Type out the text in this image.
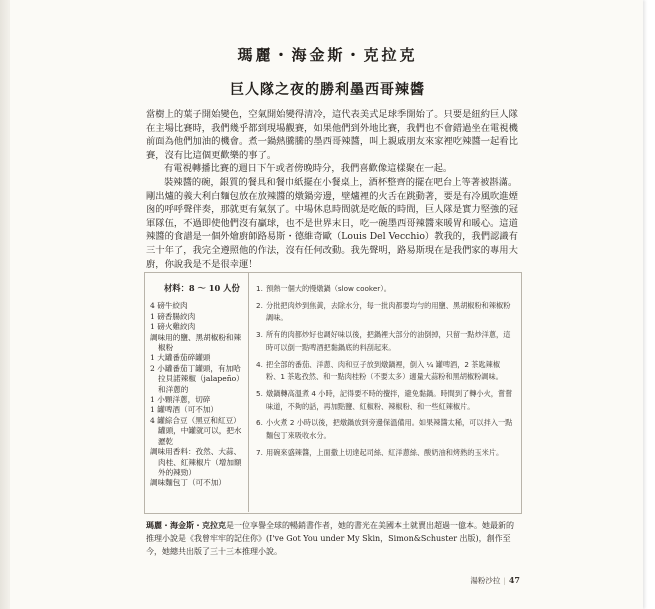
瑪麗・海金斯・克拉克
巨人隊之夜的勝利墨西哥辣醬

當樹上的葉子開始變色，空氣開始變得清冷，這代表美式足球季開始了。只要是紐約巨人隊在主場比賽時，我們幾乎都到現場觀賽，如果他們到外地比賽，我們也不會錯過坐在電視機前面為他們加油的機會。煮一鍋熱騰騰的墨西哥辣醬，叫上親戚朋友來家裡吃辣醬一起看比賽，沒有比這個更歡樂的事了。

有電視轉播比賽的週日下午或者傍晚時分，我們喜歡像這樣聚在一起。

裝辣醬的碗，銀質的餐具和餐巾紙擺在小餐桌上，酒杯整齊的擺在吧台上等著被斟滿。剛出爐的義大利白麵包放在放辣醬的燉鍋旁邊，壁爐裡的火舌在跳動著，要是有冷風吹進煙囪的呼呼聲伴奏，那就更有氣氛了。中場休息時間就是吃飯的時間，巨人隊是實力堅強的冠軍隊伍，不過即使他們沒有贏球，也不是世界末日，吃一碗墨西哥辣醬來暖胃和暖心。這道辣醬的食譜是一個外燴廚師路易斯・德維奇歐（Louis Del Vecchio）教我的，我們認識有三十年了，我完全遵照他的作法，沒有任何改動。我先聲明，路易斯現在是我們家的專用大廚，你說我是不是很幸運！

材料：8 ～ 10 人份
4 磅牛絞肉
1 磅香腸絞肉
1 磅火雞絞肉
調味用的鹽、黑胡椒粉和辣椒粉
1 大罐番茄碎罐頭
2 小罐番茄丁罐頭，有加哈拉貝諾辣椒（jalapeño）和洋蔥的
1 小顆洋蔥，切碎
1 罐啤酒（可不加）
4 罐綜合豆（黑豆和紅豆）罐頭，中罐就可以，把水瀝乾
調味用香料：孜然、大蒜、肉桂、紅辣椒片（增加額外的辣勁）
調味麵包丁（可不加）
1. 預熱一個大的慢燉鍋（slow cooker）。
2. 分批把肉炒到焦黃，去除水分，每一批肉都要均勻的用鹽、黑胡椒粉和辣椒粉調味。
3. 所有的肉都炒好也調好味以後，把鍋裡大部分的油倒掉，只留一點炒洋蔥，這時可以倒一點啤酒把黏鍋底的料刮起來。
4. 把全部的番茄、洋蔥、肉和豆子放到燉鍋裡，倒入 ¼ 罐啤酒，2 茶匙辣椒粉、1 茶匙孜然、和一點肉桂粉（不要太多）適量大蒜粉和黑胡椒粉調味。
5. 燉鍋轉高溫煮 4 小時，記得要不時的攪拌，避免黏鍋。時間到了轉小火，嘗嘗味道，不夠的話，再加點鹽、紅椒粉、辣椒粉、和一些紅辣椒片。
6. 小火煮 2 小時以後，把燉鍋放到旁邊保溫備用。如果辣醬太稀，可以拌入一點麵包丁來吸收水分。
7. 用碗來盛辣醬，上面撒上切達起司絲、紅洋蔥絲、酸奶油和烤熟的玉米片。
瑪麗・海金斯・克拉克是一位享譽全球的暢銷書作者，她的書光在美國本土就賣出超過一億本。她最新的推理小說是《我曾牢牢的記住你》(I've Got You under My Skin，Simon&Schuster 出版)，創作至今，她總共出版了三十三本推理小說。
湯粉沙拉 | 47
